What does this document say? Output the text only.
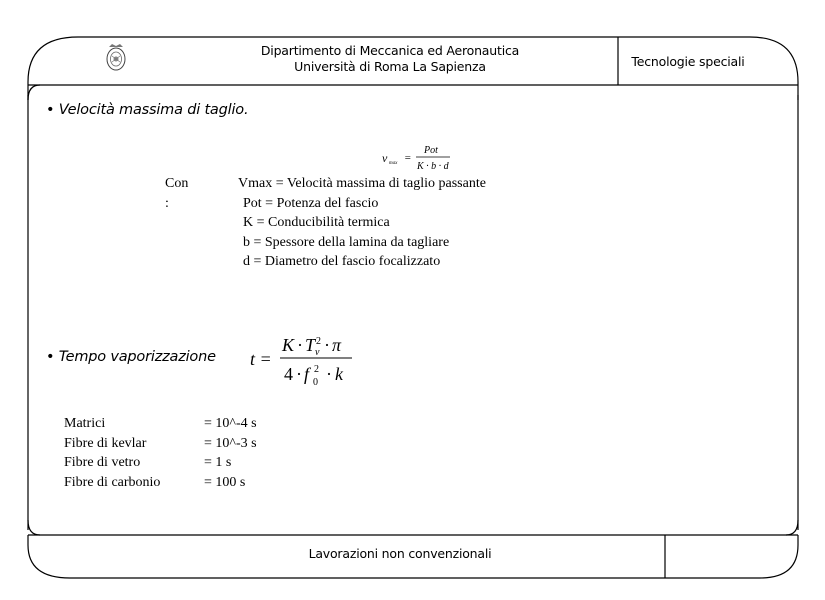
Dipartimento di Meccanica ed Aeronautica
Università di Roma La Sapienza	Tecnologie speciali
• Velocità massima di taglio.
v max =
Pot
K · b · d
Con :
Vmax = Velocità massima di taglio passante
Pot = Potenza del fascio
K = Conducibilità termica
b = Spessore della lamina da tagliare
d = Diametro del fascio focalizzato
• Tempo vaporizzazione t =
K · T 2
v · π
4 · f 2
0 · k
Matrici	= 10^-4 s
Fibre di kevlar	= 10^-3 s
Fibre di vetro	= 1 s
Fibre di carbonio	= 100 s
Lavorazioni non convenzionali
